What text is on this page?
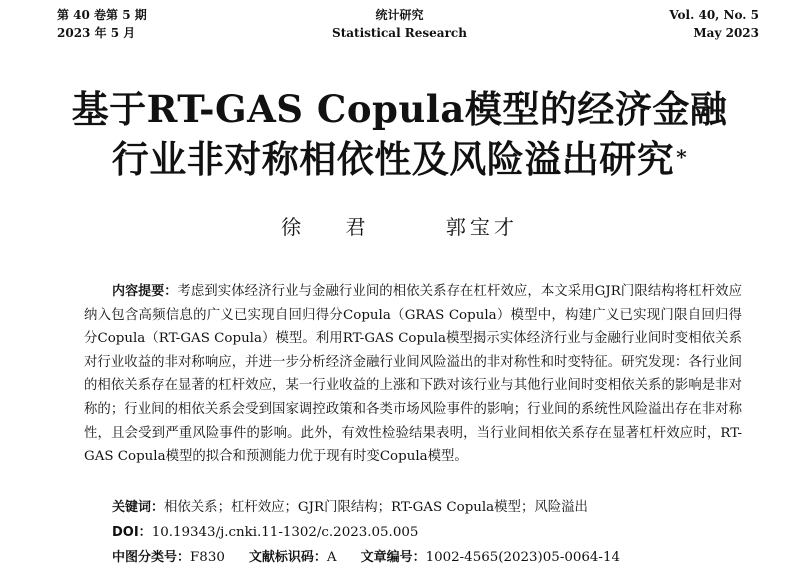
第 40 卷第 5 期
2023 年 5 月
统计研究
Statistical Research
Vol. 40, No. 5
May 2023
基于RT-GAS Copula模型的经济金融
行业非对称相依性及风险溢出研究 *
徐 君	郭宝才
内容提要：考虑到实体经济行业与金融行业间的相依关系存在杠杆效应，本文采用GJR门限结构将杠杆效应纳入包含高频信息的广义已实现自回归得分Copula（GRAS Copula）模型中，构建广义已实现门限自回归得分Copula（RT-GAS Copula）模型。利用RT-GAS Copula模型揭示实体经济行业与金融行业间时变相依关系对行业收益的非对称响应，并进一步分析经济金融行业间风险溢出的非对称性和时变特征。研究发现：各行业间的相依关系存在显著的杠杆效应，某一行业收益的上涨和下跌对该行业与其他行业间时变相依关系的影响是非对称的；行业间的相依关系会受到国家调控政策和各类市场风险事件的影响；行业间的系统性风险溢出存在非对称性，且会受到严重风险事件的影响。此外，有效性检验结果表明，当行业间相依关系存在显著杠杆效应时，RT-GAS Copula模型的拟合和预测能力优于现有时变Copula模型。
关键词：相依关系；杠杆效应；GJR门限结构；RT-GAS Copula模型；风险溢出
DOI：10.19343/j.cnki.11-1302/c.2023.05.005
中图分类号：F830 文献标识码：A 文章编号：1002-4565(2023)05-0064-14
